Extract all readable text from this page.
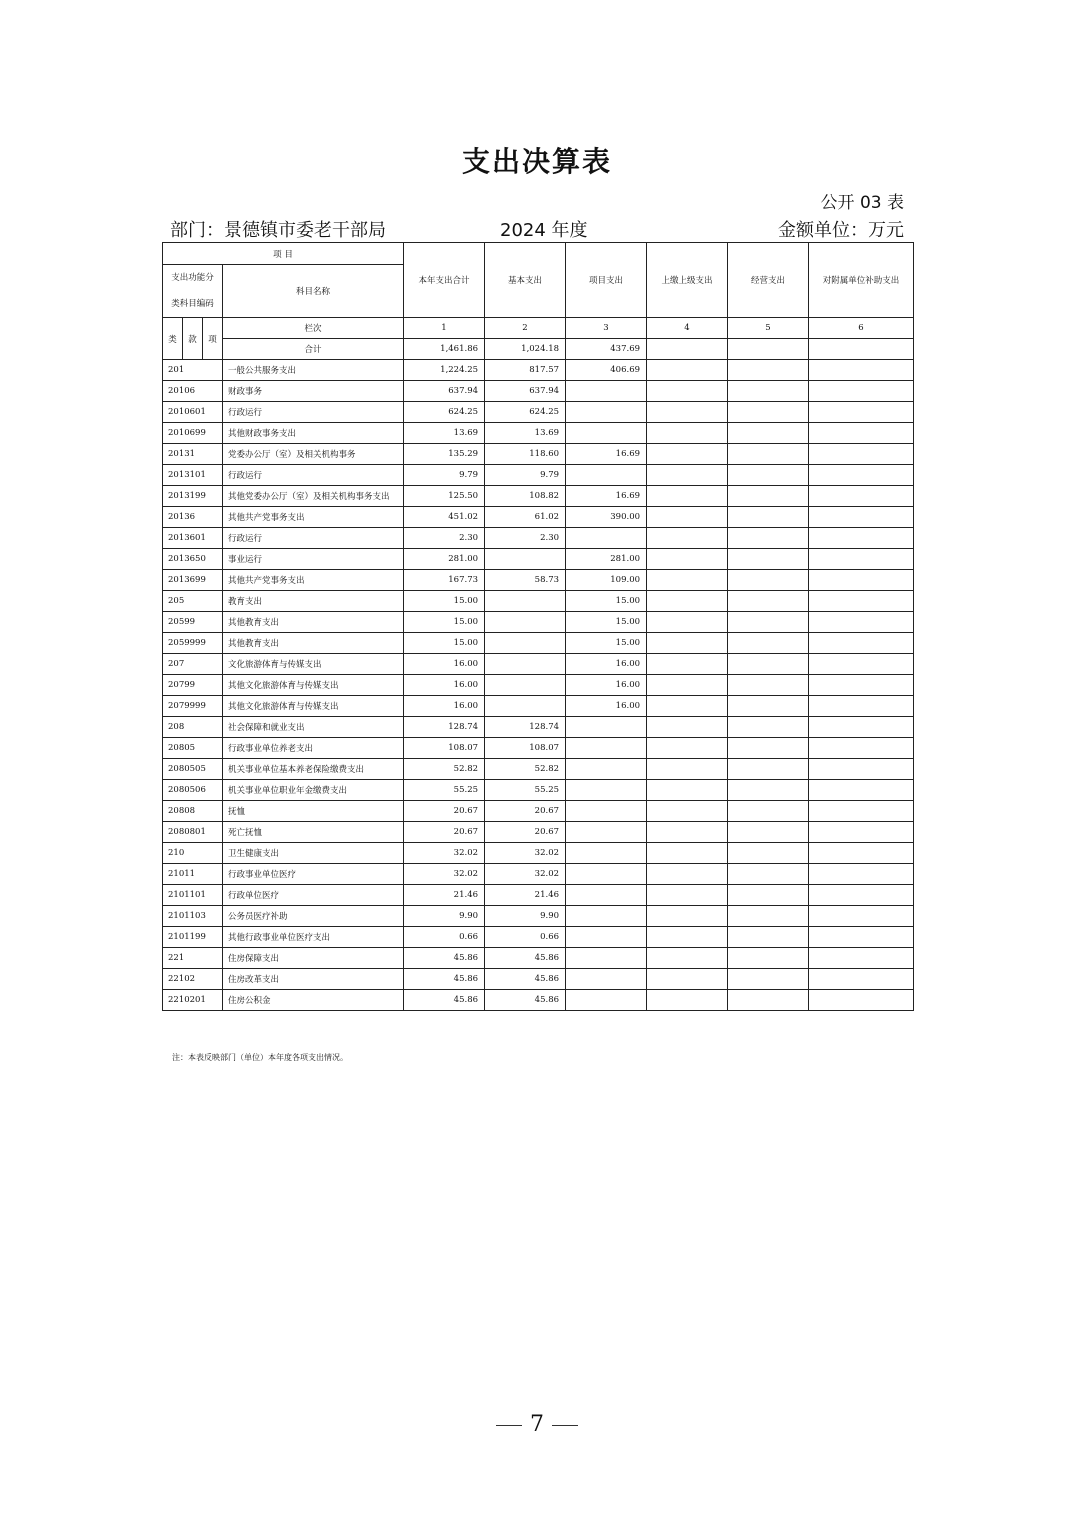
支出决算表
公开 03 表
部门：景德镇市委老干部局	2024 年度	金额单位：万元
项 目				本年支出合计	基本支出	项目支出	上缴上级支出	经营支出	对附属单位补助支出

支出功能分
类科目编码			科目名称						

类	款	项	栏次	1	2	3	4	5	6
			合计	1,461.86	1,024.18	437.69			
201			一般公共服务支出	1,224.25	817.57	406.69			
20106			财政事务	637.94	637.94				
2010601			行政运行	624.25	624.25				
2010699			其他财政事务支出	13.69	13.69				
20131			党委办公厅（室）及相关机构事务	135.29	118.60	16.69			
2013101			行政运行	9.79	9.79				
2013199			其他党委办公厅（室）及相关机构事务支出	125.50	108.82	16.69			
20136			其他共产党事务支出	451.02	61.02	390.00			
2013601			行政运行	2.30	2.30				
2013650			事业运行	281.00		281.00			
2013699			其他共产党事务支出	167.73	58.73	109.00			
205			教育支出	15.00		15.00			
20599			其他教育支出	15.00		15.00			
2059999			其他教育支出	15.00		15.00			
207			文化旅游体育与传媒支出	16.00		16.00			
20799			其他文化旅游体育与传媒支出	16.00		16.00			
2079999			其他文化旅游体育与传媒支出	16.00		16.00			
208			社会保障和就业支出	128.74	128.74				
20805			行政事业单位养老支出	108.07	108.07				
2080505			机关事业单位基本养老保险缴费支出	52.82	52.82				
2080506			机关事业单位职业年金缴费支出	55.25	55.25				
20808			抚恤	20.67	20.67				
2080801			死亡抚恤	20.67	20.67				
210			卫生健康支出	32.02	32.02				
21011			行政事业单位医疗	32.02	32.02				
2101101			行政单位医疗	21.46	21.46				
2101103			公务员医疗补助	9.90	9.90				
2101199			其他行政事业单位医疗支出	0.66	0.66				
221			住房保障支出	45.86	45.86				
22102			住房改革支出	45.86	45.86				
2210201			住房公积金	45.86	45.86				
注：本表反映部门（单位）本年度各项支出情况。
7
